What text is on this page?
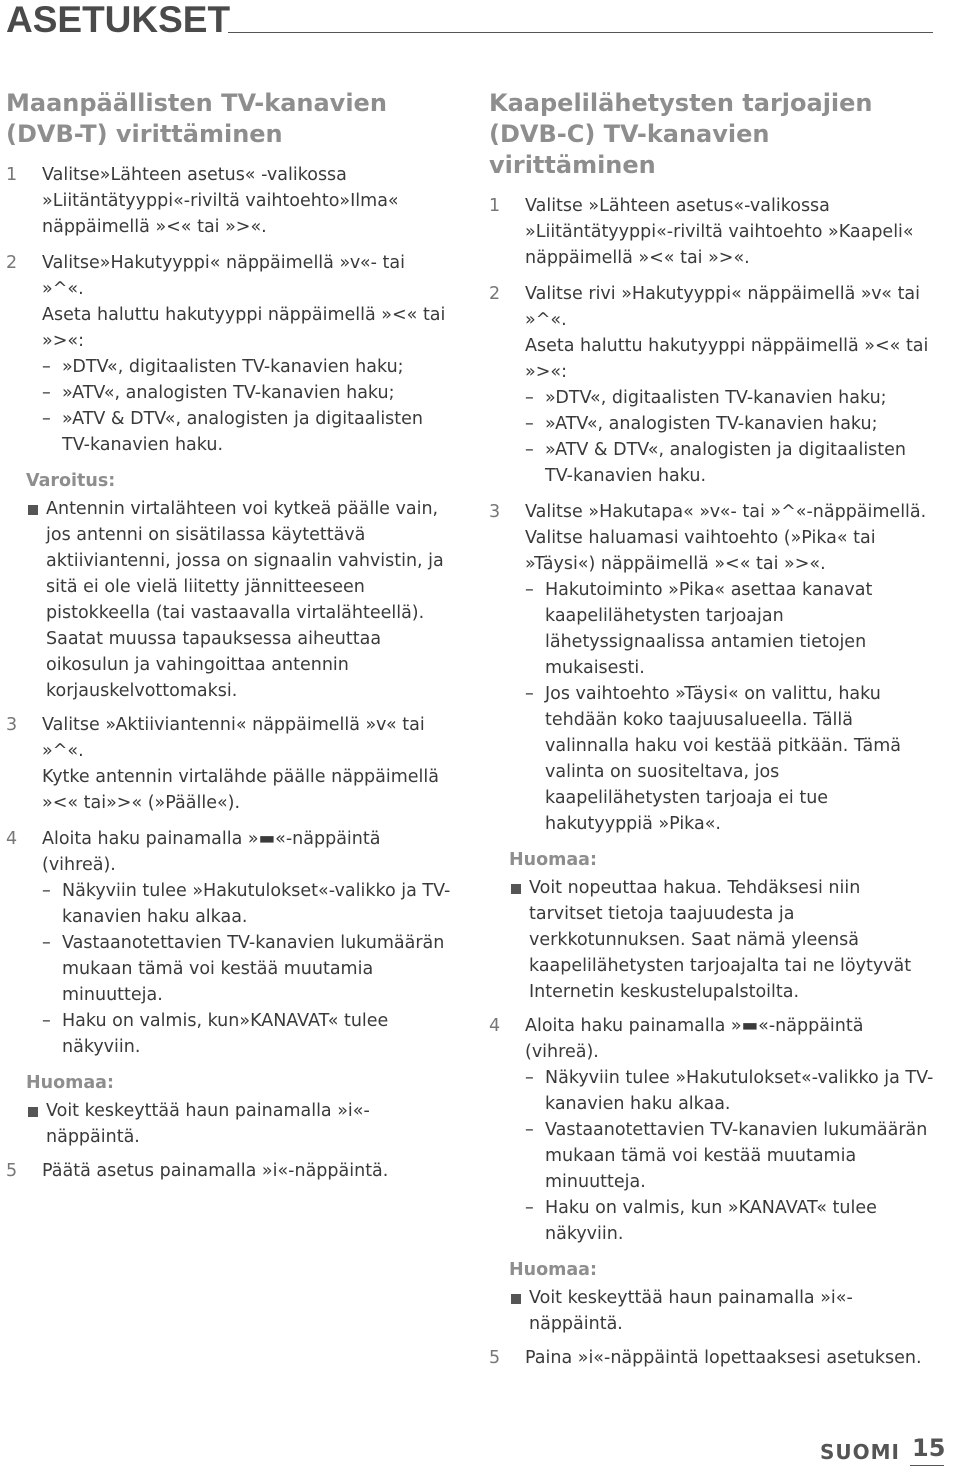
ASETUKSET
Maanpäällisten TV-kanavien (DVB-T) virittäminen
1 Valitse»Lähteen asetus« -valikossa »Liitäntätyyppi«-riviltä vaihtoehto»Ilma« näppäimellä »<« tai »>«.
2 Valitse»Hakutyyppi« näppäimellä »v«- tai »^«.
Aseta haluttu hakutyyppi näppäimellä »<« tai »>«:
– »DTV«, digitaalisten TV-kanavien haku;
– »ATV«, analogisten TV-kanavien haku;
– »ATV & DTV«, analogisten ja digitaalisten TV-kanavien haku.
Varoitus:
Antennin virtalähteen voi kytkeä päälle vain, jos antenni on sisätilassa käytettävä aktiiviantenni, jossa on signaalin vahvistin, ja sitä ei ole vielä liitetty jännitteeseen pistokkeella (tai vastaavalla virtalähteellä). Saatat muussa tapauksessa aiheuttaa oikosulun ja vahingoittaa antennin korjauskelvottomaksi.
3 Valitse »Aktiiviantenni« näppäimellä »v« tai »^«.
Kytke antennin virtalähde päälle näppäimellä »<« tai»>« (»Päälle«).
4 Aloita haku painamalla »▬«-näppäintä (vihreä).
– Näkyviin tulee »Hakutulokset«-valikko ja TV-kanavien haku alkaa.
– Vastaanotettavien TV-kanavien lukumäärän mukaan tämä voi kestää muutamia minuutteja.
– Haku on valmis, kun»KANAVAT« tulee näkyviin.
Huomaa:
Voit keskeyttää haun painamalla »i«-näppäintä.
5 Päätä asetus painamalla »i«-näppäintä.
Kaapelilähetysten tarjoajien (DVB-C) TV-kanavien virittäminen
1 Valitse »Lähteen asetus«-valikossa »Liitäntätyyppi«-riviltä vaihtoehto »Kaapeli« näppäimellä »<« tai »>«.
2 Valitse rivi »Hakutyyppi« näppäimellä »v« tai »^«.
Aseta haluttu hakutyyppi näppäimellä »<« tai »>«:
– »DTV«, digitaalisten TV-kanavien haku;
– »ATV«, analogisten TV-kanavien haku;
– »ATV & DTV«, analogisten ja digitaalisten TV-kanavien haku.
3 Valitse »Hakutapa« »v«- tai »^«-näppäimellä. Valitse haluamasi vaihtoehto (»Pika« tai »Täysi«) näppäimellä »<« tai »>«.
– Hakutoiminto »Pika« asettaa kanavat kaapelilähetysten tarjoajan lähetyssignaalissa antamien tietojen mukaisesti.
– Jos vaihtoehto »Täysi« on valittu, haku tehdään koko taajuusalueella. Tällä valinnalla haku voi kestää pitkään. Tämä valinta on suositeltava, jos kaapelilähetysten tarjoaja ei tue hakutyyppiä »Pika«.
Huomaa:
Voit nopeuttaa hakua. Tehdäksesi niin tarvitset tietoja taajuudesta ja verkkotunnuksen. Saat nämä yleensä kaapelilähetysten tarjoajalta tai ne löytyvät Internetin keskustelupalstoilta.
4 Aloita haku painamalla »▬«-näppäintä (vihreä).
– Näkyviin tulee »Hakutulokset«-valikko ja TV-kanavien haku alkaa.
– Vastaanotettavien TV-kanavien lukumäärän mukaan tämä voi kestää muutamia minuutteja.
– Haku on valmis, kun »KANAVAT« tulee näkyviin.
Huomaa:
Voit keskeyttää haun painamalla »i«-näppäintä.
5 Paina »i«-näppäintä lopettaaksesi asetuksen.
SUOMI 15
